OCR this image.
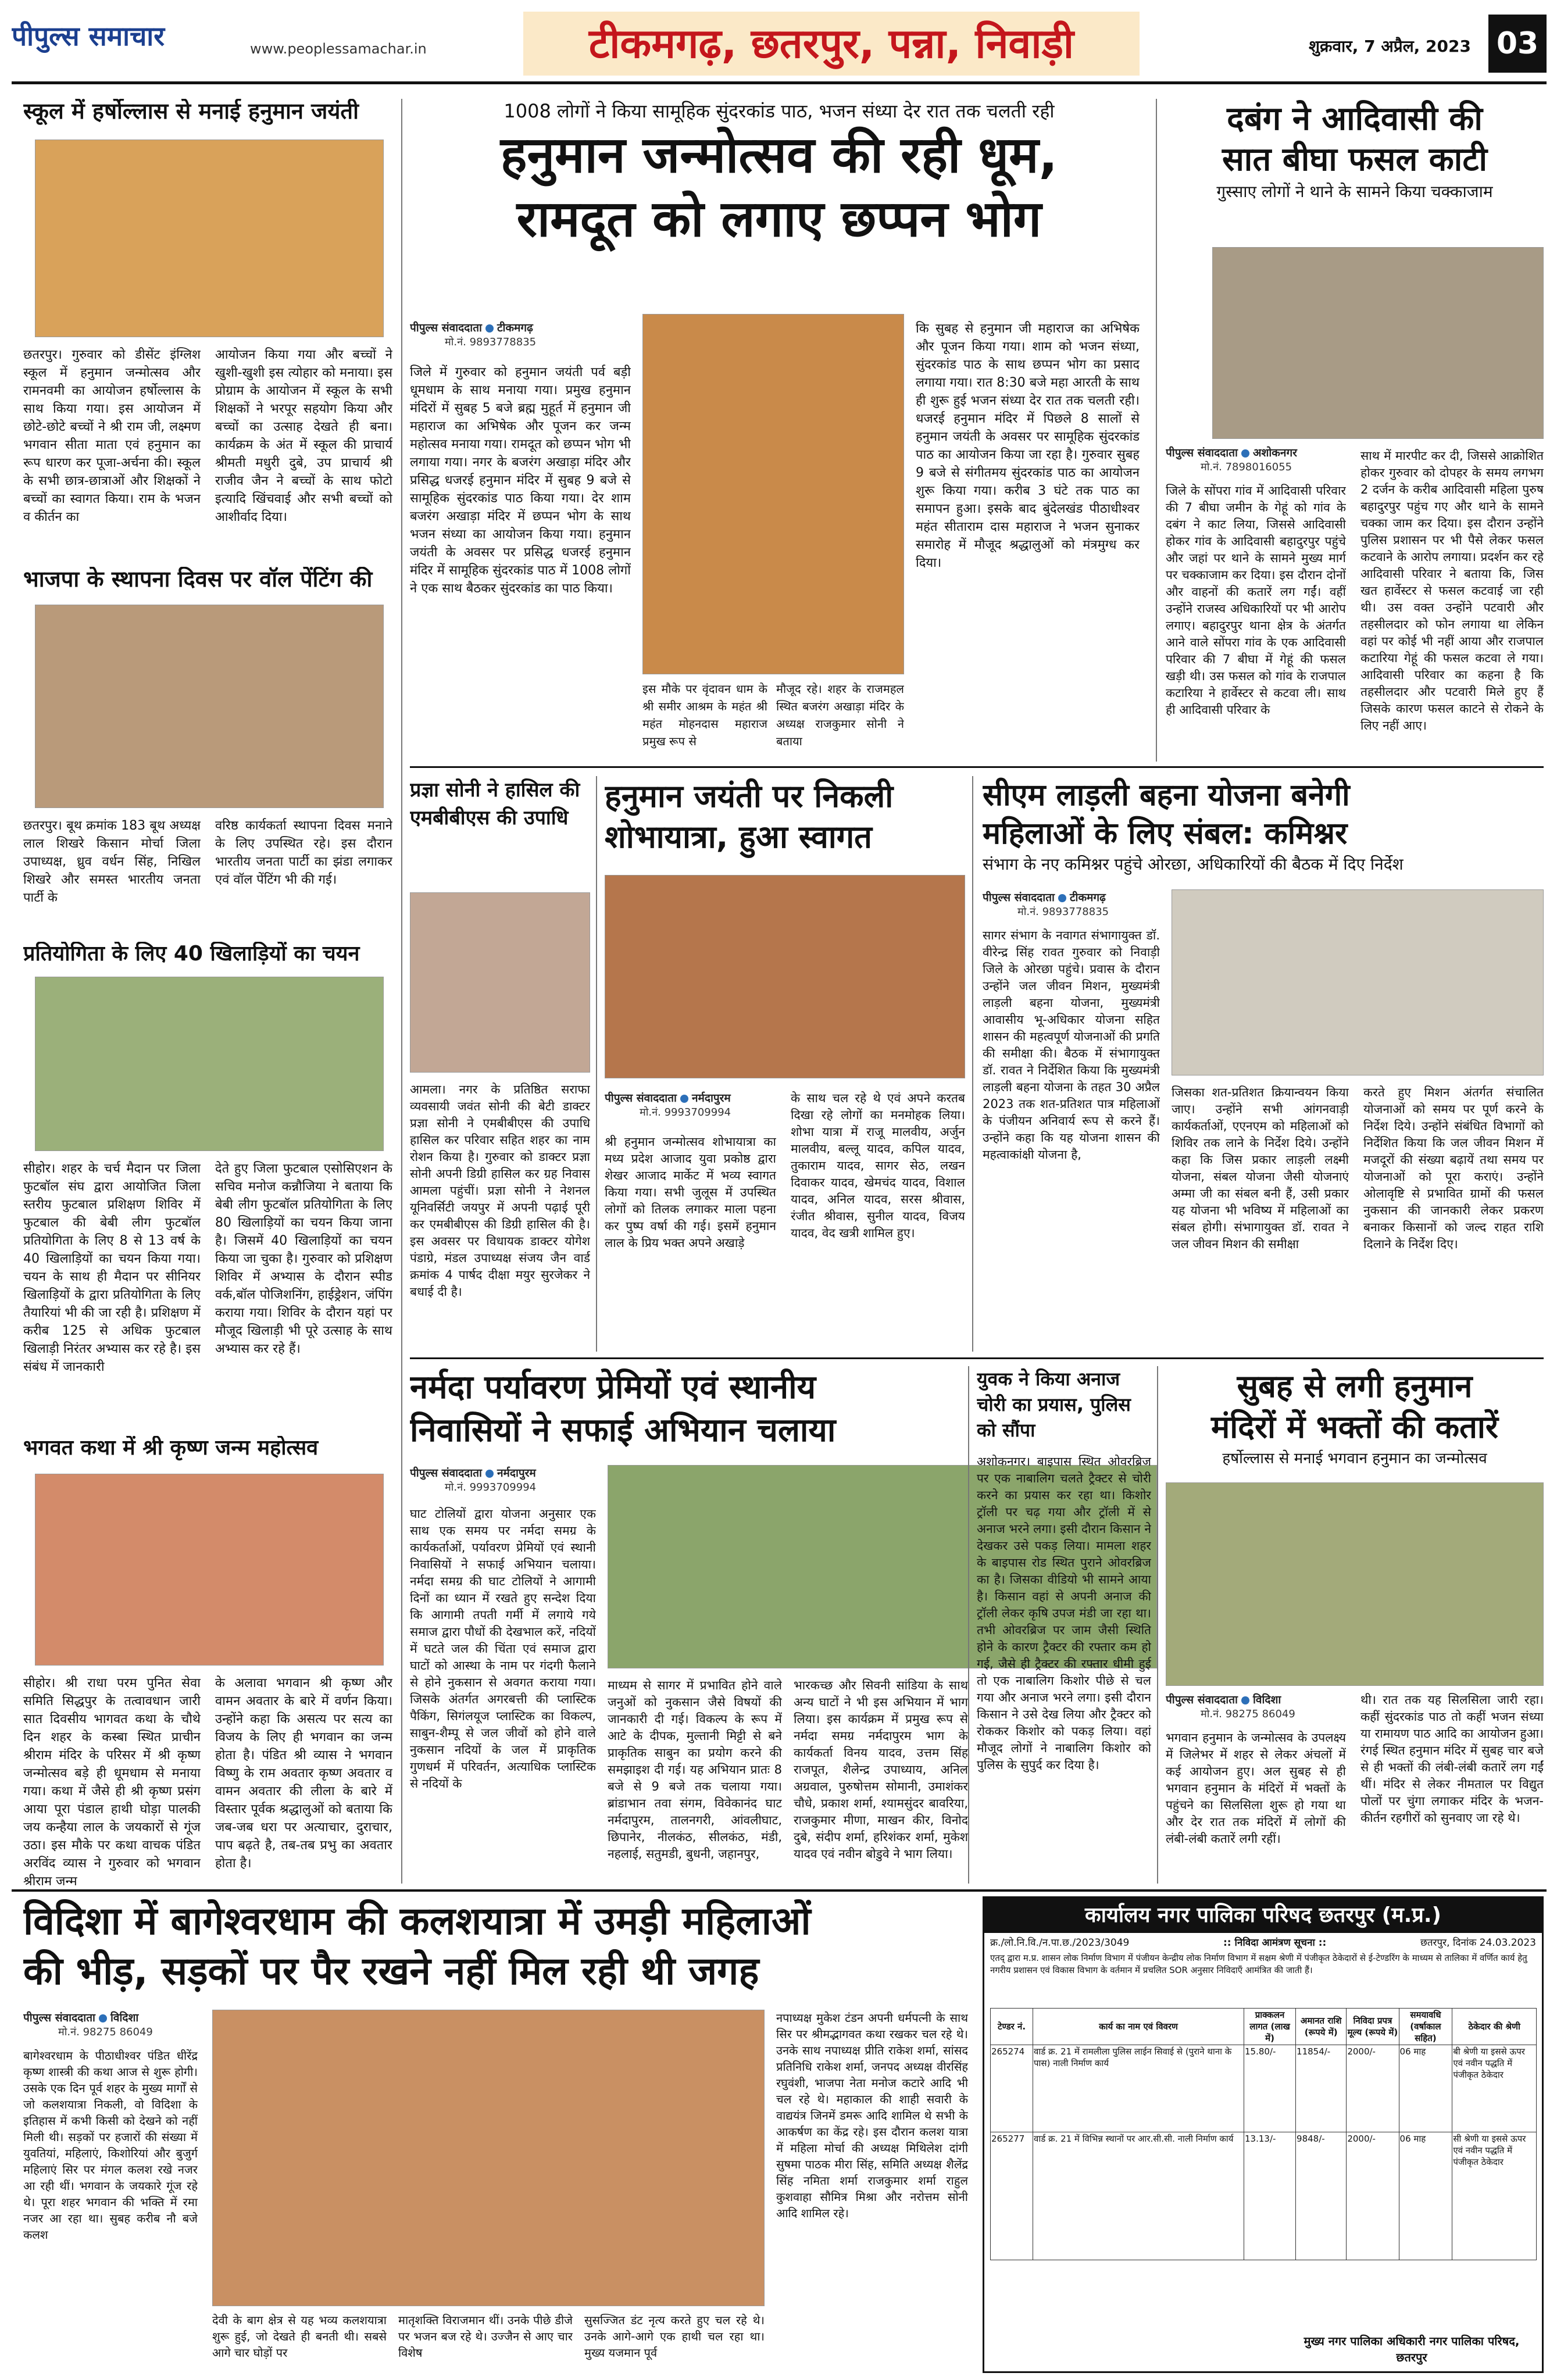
पीपुल्स समाचार	www.peoplessamachar.in	टीकमगढ़, छतरपुर, पन्ना, निवाड़ी	शुक्रवार, 7 अप्रैल, 2023 03
स्कूल में हर्षोल्लास से मनाई हनुमान जयंती
छतरपुर। गुरुवार को डीसेंट इंग्लिश स्कूल में हनुमान जन्मोत्सव और रामनवमी का आयोजन हर्षोल्लास के साथ किया गया। इस आयोजन में छोटे-छोटे बच्चों ने श्री राम जी, लक्ष्मण भगवान सीता माता एवं हनुमान का रूप धारण कर पूजा-अर्चना की। स्कूल के सभी छात्र-छात्राओं और शिक्षकों ने बच्चों का स्वागत किया। राम के भजन व कीर्तन का
आयोजन किया गया और बच्चों ने खुशी-खुशी इस त्योहार को मनाया। इस प्रोग्राम के आयोजन में स्कूल के सभी शिक्षकों ने भरपूर सहयोग किया और बच्चों का उत्साह देखते ही बना। कार्यक्रम के अंत में स्कूल की प्राचार्य श्रीमती मधुरी दुबे, उप प्राचार्य श्री राजीव जैन ने बच्चों के साथ फोटो इत्यादि खिंचवाई और सभी बच्चों को आशीर्वाद दिया।
भाजपा के स्थापना दिवस पर वॉल पेंटिंग की
छतरपुर। बूथ क्रमांक 183 बूथ अध्यक्ष लाल शिखरे किसान मोर्चा जिला उपाध्यक्ष, ध्रुव वर्धन सिंह, निखिल शिखरे और समस्त भारतीय जनता पार्टी के
वरिष्ठ कार्यकर्ता स्थापना दिवस मनाने के लिए उपस्थित रहे। इस दौरान भारतीय जनता पार्टी का झंडा लगाकर एवं वॉल पेंटिंग भी की गई।
प्रतियोगिता के लिए 40 खिलाड़ियों का चयन
सीहोर। शहर के चर्च मैदान पर जिला फुटबॉल संघ द्वारा आयोजित जिला स्तरीय फुटबाल प्रशिक्षण शिविर में फुटबाल की बेबी लीग फुटबॉल प्रतियोगिता के लिए 8 से 13 वर्ष के 40 खिलाड़ियों का चयन किया गया। चयन के साथ ही मैदान पर सीनियर खिलाड़ियों के द्वारा प्रतियोगिता के लिए तैयारियां भी की जा रही है। प्रशिक्षण में करीब 125 से अधिक फुटबाल खिलाड़ी निरंतर अभ्यास कर रहे है। इस संबंध में जानकारी
देते हुए जिला फुटबाल एसोसिएशन के सचिव मनोज कन्नौजिया ने बताया कि बेबी लीग फुटबॉल प्रतियोगिता के लिए 80 खिलाड़ियों का चयन किया जाना है। जिसमें 40 खिलाड़ियों का चयन किया जा चुका है। गुरुवार को प्रशिक्षण शिविर में अभ्यास के दौरान स्पीड वर्क,बॉल पोजिशनिंग, हाईड्रेशन, जंपिंग कराया गया। शिविर के दौरान यहां पर मौजूद खिलाड़ी भी पूरे उत्साह के साथ अभ्यास कर रहे हैं।
भगवत कथा में श्री कृष्ण जन्म महोत्सव
सीहोर। श्री राधा परम पुनित सेवा समिति सिद्धपुर के तत्वावधान जारी सात दिवसीय भागवत कथा के चौथे दिन शहर के कस्बा स्थित प्राचीन श्रीराम मंदिर के परिसर में श्री कृष्ण जन्मोत्सव बड़े ही धूमधाम से मनाया गया। कथा में जैसे ही श्री कृष्ण प्रसंग आया पूरा पंडाल हाथी घोड़ा पालकी जय कन्हैया लाल के जयकारों से गूंज उठा। इस मौके पर कथा वाचक पंडित अरविंद व्यास ने गुरुवार को भगवान श्रीराम जन्म
के अलावा भगवान श्री कृष्ण और वामन अवतार के बारे में वर्णन किया। उन्होंने कहा कि असत्य पर सत्य का विजय के लिए ही भगवान का जन्म होता है। पंडित श्री व्यास ने भगवान विष्णु के राम अवतार कृष्ण अवतार व वामन अवतार की लीला के बारे में विस्तार पूर्वक श्रद्धालुओं को बताया कि जब-जब धरा पर अत्याचार, दुराचार, पाप बढ़ते है, तब-तब प्रभु का अवतार होता है।
1008 लोगों ने किया सामूहिक सुंदरकांड पाठ, भजन संध्या देर रात तक चलती रही
हनुमान जन्मोत्सव की रही धूम,
रामदूत को लगाए छप्पन भोग
पीपुल्स संवाददाता टीकमगढ़
मो.नं. 9893778835
जिले में गुरुवार को हनुमान जयंती पर्व बड़ी धूमधाम के साथ मनाया गया। प्रमुख हनुमान मंदिरों में सुबह 5 बजे ब्रह्म मुहूर्त में हनुमान जी महाराज का अभिषेक और पूजन कर जन्म महोत्सव मनाया गया। रामदूत को छप्पन भोग भी लगाया गया। नगर के बजरंग अखाड़ा मंदिर और प्रसिद्ध धजरई हनुमान मंदिर में सुबह 9 बजे से सामूहिक सुंदरकांड पाठ किया गया। देर शाम बजरंग अखाड़ा मंदिर में छप्पन भोग के साथ भजन संध्या का आयोजन किया गया। हनुमान जयंती के अवसर पर प्रसिद्ध धजरई हनुमान मंदिर में सामूहिक सुंदरकांड पाठ में 1008 लोगों ने एक साथ बैठकर सुंदरकांड का पाठ किया।
इस मौके पर वृंदावन धाम के श्री समीर आश्रम के महंत श्री महंत मोहनदास महाराज प्रमुख रूप से
मौजूद रहे। शहर के राजमहल स्थित बजरंग अखाड़ा मंदिर के अध्यक्ष राजकुमार सोनी ने बताया
कि सुबह से हनुमान जी महाराज का अभिषेक और पूजन किया गया। शाम को भजन संध्या, सुंदरकांड पाठ के साथ छप्पन भोग का प्रसाद लगाया गया। रात 8:30 बजे महा आरती के साथ ही शुरू हुई भजन संध्या देर रात तक चलती रही। धजरई हनुमान मंदिर में पिछले 8 सालों से हनुमान जयंती के अवसर पर सामूहिक सुंदरकांड पाठ का आयोजन किया जा रहा है। गुरुवार सुबह 9 बजे से संगीतमय सुंदरकांड पाठ का आयोजन शुरू किया गया। करीब 3 घंटे तक पाठ का समापन हुआ। इसके बाद बुंदेलखंड पीठाधीश्वर महंत सीताराम दास महाराज ने भजन सुनाकर समारोह में मौजूद श्रद्धालुओं को मंत्रमुग्ध कर दिया।
दबंग ने आदिवासी की
सात बीघा फसल काटी
गुस्साए लोगों ने थाने के सामने किया चक्काजाम
पीपुल्स संवाददाता अशोकनगर
मो.नं. 7898016055
जिले के सोंपरा गांव में आदिवासी परिवार की 7 बीघा जमीन के गेहूं को गांव के दबंग ने काट लिया, जिससे आदिवासी होकर गांव के आदिवासी बहादुरपुर पहुंचे और जहां पर थाने के सामने मुख्य मार्ग पर चक्काजाम कर दिया। इस दौरान दोनों और वाहनों की कतारें लग गईं। वहीं उन्होंने राजस्व अधिकारियों पर भी आरोप लगाए। बहादुरपुर थाना क्षेत्र के अंतर्गत आने वाले सोंपरा गांव के एक आदिवासी परिवार की 7 बीघा में गेहूं की फसल खड़ी थी। उस फसल को गांव के राजपाल कटारिया ने हार्वेस्टर से कटवा ली। साथ ही आदिवासी परिवार के
साथ में मारपीट कर दी, जिससे आक्रोशित होकर गुरुवार को दोपहर के समय लगभग 2 दर्जन के करीब आदिवासी महिला पुरुष बहादुरपुर पहुंच गए और थाने के सामने चक्का जाम कर दिया। इस दौरान उन्होंने पुलिस प्रशासन पर भी पैसे लेकर फसल कटवाने के आरोप लगाया। प्रदर्शन कर रहे आदिवासी परिवार ने बताया कि, जिस खत हार्वेस्टर से फसल कटवाई जा रही थी। उस वक्त उन्होंने पटवारी और तहसीलदार को फोन लगाया था लेकिन वहां पर कोई भी नहीं आया और राजपाल कटारिया गेहूं की फसल कटवा ले गया। आदिवासी परिवार का कहना है कि तहसीलदार और पटवारी मिले हुए हैं जिसके कारण फसल काटने से रोकने के लिए नहीं आए।
प्रज्ञा सोनी ने हासिल की एमबीबीएस की उपाधि
आमला। नगर के प्रतिष्ठित सराफा व्यवसायी जवंत सोनी की बेटी डाक्टर प्रज्ञा सोनी ने एमबीबीएस की उपाधि हासिल कर परिवार सहित शहर का नाम रोशन किया है। गुरुवार को डाक्टर प्रज्ञा सोनी अपनी डिग्री हासिल कर ग्रह निवास आमला पहुंचीं। प्रज्ञा सोनी ने नेशनल यूनिवर्सिटी जयपुर में अपनी पढ़ाई पूरी कर एमबीबीएस की डिग्री हासिल की है। इस अवसर पर विधायक डाक्टर योगेश पंडाग्रे, मंडल उपाध्यक्ष संजय जैन वार्ड क्रमांक 4 पार्षद दीक्षा मयुर सुरजेकर ने बधाई दी है।
हनुमान जयंती पर निकली शोभायात्रा, हुआ स्वागत
पीपुल्स संवाददाता नर्मदापुरम
मो.नं. 9993709994
श्री हनुमान जन्मोत्सव शोभायात्रा का मध्य प्रदेश आजाद युवा प्रकोष्ठ द्वारा शेखर आजाद मार्केट में भव्य स्वागत किया गया। सभी जुलूस में उपस्थित लोगों को तिलक लगाकर माला पहना कर पुष्प वर्षा की गई। इसमें हनुमान लाल के प्रिय भक्त अपने अखाड़े
के साथ चल रहे थे एवं अपने करतब दिखा रहे लोगों का मनमोहक लिया। शोभा यात्रा में राजू मालवीय, अर्जुन मालवीय, बल्लू यादव, कपिल यादव, तुकाराम यादव, सागर सेठ, लखन दिवाकर यादव, खेमचंद यादव, विशाल यादव, अनिल यादव, सरस श्रीवास, रंजीत श्रीवास, सुनील यादव, विजय यादव, वेद खत्री शामिल हुए।
सीएम लाड़ली बहना योजना बनेगी
महिलाओं के लिए संबल: कमिश्नर
संभाग के नए कमिश्नर पहुंचे ओरछा, अधिकारियों की बैठक में दिए निर्देश
पीपुल्स संवाददाता टीकमगढ़
मो.नं. 9893778835
सागर संभाग के नवागत संभागायुक्त डॉ. वीरेन्द्र सिंह रावत गुरुवार को निवाड़ी जिले के ओरछा पहुंचे। प्रवास के दौरान उन्होंने जल जीवन मिशन, मुख्यमंत्री लाड़ली बहना योजना, मुख्यमंत्री आवासीय भू-अधिकार योजना सहित शासन की महत्वपूर्ण योजनाओं की प्रगति की समीक्षा की। बैठक में संभागायुक्त डॉ. रावत ने निर्देशित किया कि मुख्यमंत्री लाड़ली बहना योजना के तहत 30 अप्रैल 2023 तक शत-प्रतिशत पात्र महिलाओं के पंजीयन अनिवार्य रूप से करने हैं। उन्होंने कहा कि यह योजना शासन की महत्वाकांक्षी योजना है,
जिसका शत-प्रतिशत क्रियान्वयन किया जाए। उन्होंने सभी आंगनवाड़ी कार्यकर्ताओं, एएनएम को महिलाओं को शिविर तक लाने के निर्देश दिये। उन्होंने कहा कि जिस प्रकार लाड़ली लक्ष्मी योजना, संबल योजना जैसी योजनाएं अम्मा जी का संबल बनी हैं, उसी प्रकार यह योजना भी भविष्य में महिलाओं का संबल होगी। संभागायुक्त डॉ. रावत ने जल जीवन मिशन की समीक्षा
करते हुए मिशन अंतर्गत संचालित योजनाओं को समय पर पूर्ण करने के निर्देश दिये। उन्होंने संबंधित विभागों को निर्देशित किया कि जल जीवन मिशन में मजदूरों की संख्या बढ़ायें तथा समय पर योजनाओं को पूरा कराएं। उन्होंने ओलावृष्टि से प्रभावित ग्रामों की फसल नुकसान की जानकारी लेकर प्रकरण बनाकर किसानों को जल्द राहत राशि दिलाने के निर्देश दिए।
नर्मदा पर्यावरण प्रेमियों एवं स्थानीय
निवासियों ने सफाई अभियान चलाया
पीपुल्स संवाददाता नर्मदापुरम
मो.नं. 9993709994
घाट टोलियों द्वारा योजना अनुसार एक साथ एक समय पर नर्मदा समग्र के कार्यकर्ताओं, पर्यावरण प्रेमियों एवं स्थानी निवासियों ने सफाई अभियान चलाया। नर्मदा समग्र की घाट टोलियों ने आगामी दिनों का ध्यान में रखते हुए सन्देश दिया कि आगामी तपती गर्मी में लगाये गये समाज द्वारा पौधों की देखभाल करें, नदियों में घटते जल की चिंता एवं समाज द्वारा घाटों को आस्था के नाम पर गंदगी फैलाने से होने नुकसान से अवगत कराया गया। जिसके अंतर्गत अगरबत्ती की प्लास्टिक पैकिंग, सिगंलयूज प्लास्टिक का विकल्प, साबुन-शैम्पू से जल जीवों को होने वाले नुकसान नदियों के जल में प्राकृतिक गुणधर्म में परिवर्तन, अत्याधिक प्लास्टिक से नदियों के
माध्यम से सागर में प्रभावित होने वाले जनुओं को नुकसान जैसे विषयों की जानकारी दी गई। विकल्प के रूप में आटे के दीपक, मुल्तानी मिट्टी से बने प्राकृतिक साबुन का प्रयोग करने की समझाइश दी गई। यह अभियान प्रातः 8 बजे से 9 बजे तक चलाया गया। ब्रांडाभान तवा संगम, विवेकानंद घाट नर्मदापुरम, तालनगरी, आंवलीघाट, छिपानेर, नीलकंठ, सीलकंठ, मंडी, नहलाई, सतुमडी, बुधनी, जहानपुर,
भारकच्छ और सिवनी सांडिया के साथ अन्य घाटों ने भी इस अभियान में भाग लिया। इस कार्यक्रम में प्रमुख रूप से नर्मदा समग्र नर्मदापुरम भाग के कार्यकर्ता विनय यादव, उत्तम सिंह राजपूत, शैलेन्द्र उपाध्याय, अनिल अग्रवाल, पुरुषोत्तम सोमानी, उमाशंकर चौधे, प्रकाश शर्मा, श्यामसुंदर बावरिया, राजकुमार मीणा, माखन कीर, विनोद दुबे, संदीप शर्मा, हरिशंकर शर्मा, मुकेश यादव एवं नवीन बोडुवे ने भाग लिया।
युवक ने किया अनाज चोरी का प्रयास, पुलिस को सौंपा
अशोकनगर। बाइपास स्थित ओवरब्रिज पर एक नाबालिग चलते ट्रैक्टर से चोरी करने का प्रयास कर रहा था। किशोर ट्रॉली पर चढ़ गया और ट्रॉली में से अनाज भरने लगा। इसी दौरान किसान ने देखकर उसे पकड़ लिया। मामला शहर के बाइपास रोड स्थित पुराने ओवरब्रिज का है। जिसका वीडियो भी सामने आया है। किसान वहां से अपनी अनाज की ट्रॉली लेकर कृषि उपज मंडी जा रहा था। तभी ओवरब्रिज पर जाम जैसी स्थिति होने के कारण ट्रैक्टर की रफ्तार कम हो गई, जैसे ही ट्रैक्टर की रफ्तार धीमी हुई तो एक नाबालिग किशोर पीछे से चल गया और अनाज भरने लगा। इसी दौरान किसान ने उसे देख लिया और ट्रैक्टर को रोककर किशोर को पकड़ लिया। वहां मौजूद लोगों ने नाबालिग किशोर को पुलिस के सुपुर्द कर दिया है।
सुबह से लगी हनुमान
मंदिरों में भक्तों की कतारें
हर्षोल्लास से मनाई भगवान हनुमान का जन्मोत्सव
पीपुल्स संवाददाता विदिशा
मो.नं. 98275 86049
भगवान हनुमान के जन्मोत्सव के उपलक्ष्य में जिलेभर में शहर से लेकर अंचलों में कई आयोजन हुए। अल सुबह से ही भगवान हनुमान के मंदिरों में भक्तों के पहुंचने का सिलसिला शुरू हो गया था और देर रात तक मंदिरों में लोगों की लंबी-लंबी कतारें लगी रहीं।
थी। रात तक यह सिलसिला जारी रहा। कहीं सुंदरकांड पाठ तो कहीं भजन संध्या या रामायण पाठ आदि का आयोजन हुआ। रंगई स्थित हनुमान मंदिर में सुबह चार बजे से ही भक्तों की लंबी-लंबी कतारें लग गईं थीं। मंदिर से लेकर नीमताल पर विद्युत पोलों पर चुंगा लगाकर मंदिर के भजन-कीर्तन रहगीरों को सुनवाए जा रहे थे।
विदिशा में बागेश्वरधाम की कलशयात्रा में उमड़ी महिलाओं
की भीड़, सड़कों पर पैर रखने नहीं मिल रही थी जगह
पीपुल्स संवाददाता विदिशा
मो.नं. 98275 86049
बागेश्वरधाम के पीठाधीश्वर पंडित धीरेंद्र कृष्ण शास्त्री की कथा आज से शुरू होगी। उसके एक दिन पूर्व शहर के मुख्य मार्गों से जो कलशयात्रा निकली, वो विदिशा के इतिहास में कभी किसी को देखने को नहीं मिली थी। सड़कों पर हजारों की संख्या में युवतियां, महिलाएं, किशोरियां और बुजुर्ग महिलाएं सिर पर मंगल कलश रखे नजर आ रही थीं। भगवान के जयकारे गूंज रहे थे। पूरा शहर भगवान की भक्ति में रमा नजर आ रहा था। सुबह करीब नौ बजे कलश
देवी के बाग क्षेत्र से यह भव्य कलशयात्रा शुरू हुई, जो देखते ही बनती थी। सबसे आगे चार घोड़ों पर
मातृशक्ति विराजमान थीं। उनके पीछे डीजे पर भजन बज रहे थे। उज्जैन से आए चार विशेष
सुसज्जित डंट नृत्य करते हुए चल रहे थे। उनके आगे-आगे एक हाथी चल रहा था। मुख्य यजमान पूर्व
नपाध्यक्ष मुकेश टंडन अपनी धर्मपत्नी के साथ सिर पर श्रीमद्भागवत कथा रखकर चल रहे थे। उनके साथ नपाध्यक्ष प्रीति राकेश शर्मा, सांसद प्रतिनिधि राकेश शर्मा, जनपद अध्यक्ष वीरसिंह रघुवंशी, भाजपा नेता मनोज कटारे आदि भी चल रहे थे। महाकाल की शाही सवारी के वाद्ययंत्र जिनमें डमरू आदि शामिल थे सभी के आकर्षण का केंद्र रहे। इस दौरान कलश यात्रा में महिला मोर्चा की अध्यक्ष मिथिलेश दांगी सुषमा पाठक मीरा सिंह, समिति अध्यक्ष शैलेंद्र सिंह नमिता शर्मा राजकुमार शर्मा राहुल कुशवाहा सौमित्र मिश्रा और नरोत्तम सोनी आदि शामिल रहे।
कार्यालय नगर पालिका परिषद छतरपुर (म.प्र.)
क्र./लो.नि.वि./न.पा.छ./2023/3049	:: निविदा आमंत्रण सूचना ::	छतरपुर, दिनांक 24.03.2023
एतद् द्वारा म.प्र. शासन लोक निर्माण विभाग में पंजीयन केन्द्रीय लोक निर्माण विभाग में सक्षम श्रेणी में पंजीकृत ठेकेदारों से ई-टेण्डरिंग के माध्यम से तालिका में वर्णित कार्य हेतु नगरीय प्रशासन एवं विकास विभाग के वर्तमान में प्रचलित SOR अनुसार निविदाएँ आमंत्रित की जाती हैं।
टेण्डर नं.	कार्य का नाम एवं विवरण	प्राक्कलन लागत (लाख में)	अमानत राशि (रूपये में)	निविदा प्रपत्र मूल्य (रूपये में)	समयावधि (वर्षाकाल सहित)	ठेकेदार की श्रेणी
265274	वार्ड क्र. 21 में रामलीला पुलिस लाईन सिवाई से (पुराने थाना के पास) नाली निर्माण कार्य	15.80/-	11854/-	2000/-	06 माह	बी श्रेणी या इससे ऊपर एवं नवीन पद्धति में पंजीकृत ठेकेदार
265277	वार्ड क्र. 21 में विभिन्न स्थानों पर आर.सी.सी. नाली निर्माण कार्य	13.13/-	9848/-	2000/-	06 माह	सी श्रेणी या इससे ऊपर एवं नवीन पद्धति में पंजीकृत ठेकेदार
मुख्य नगर पालिका अधिकारी नगर पालिका परिषद, छतरपुर
